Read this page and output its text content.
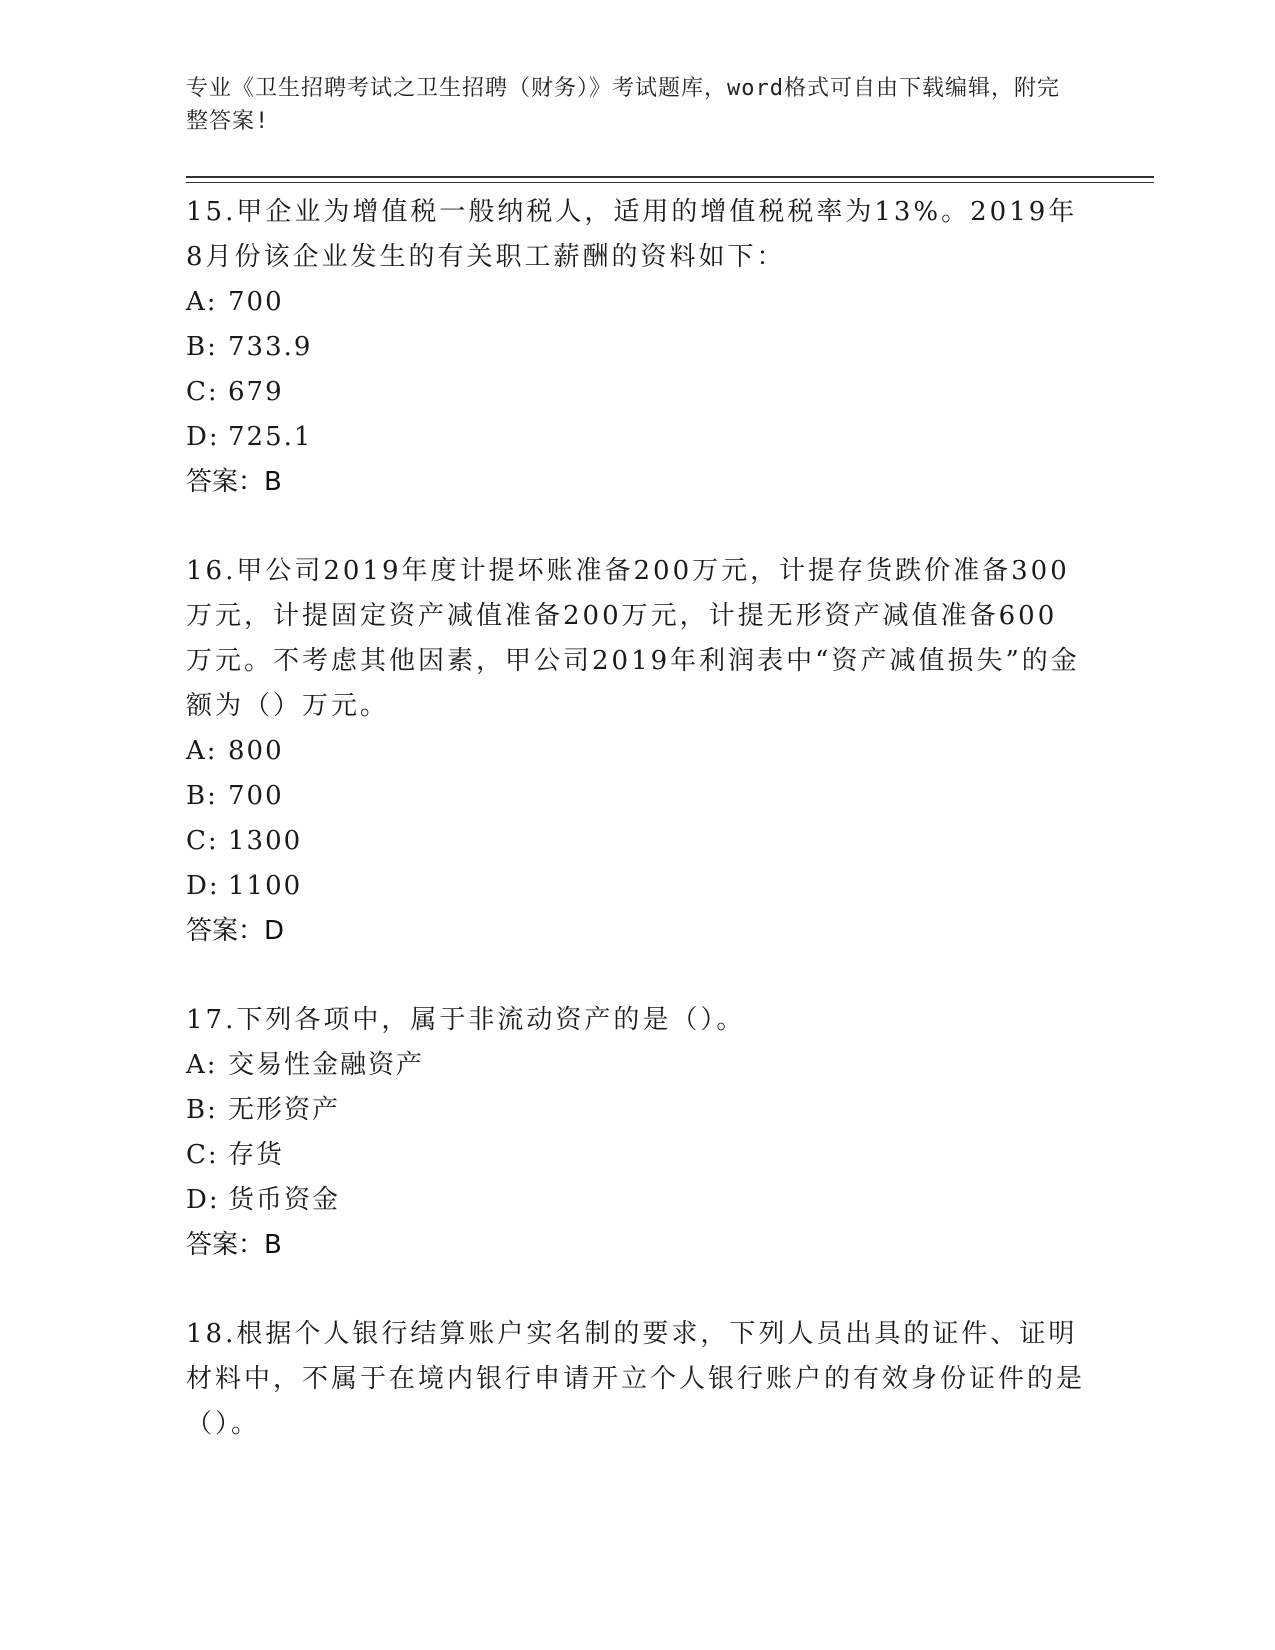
专业《卫生招聘考试之卫生招聘（财务）》考试题库，word格式可自由下载编辑，附完整答案!

15.甲企业为增值税一般纳税人，适用的增值税税率为13%。2019年8月份该企业发生的有关职工薪酬的资料如下：

A: 700
B: 733.9
C: 679
D: 725.1
答案：B

16.甲公司2019年度计提坏账准备200万元，计提存货跌价准备300万元，计提固定资产减值准备200万元，计提无形资产减值准备600万元。不考虑其他因素，甲公司2019年利润表中“资产减值损失”的金额为（）万元。

A: 800
B: 700
C: 1300
D: 1100
答案：D

17.下列各项中，属于非流动资产的是（）。

A: 交易性金融资产
B: 无形资产
C: 存货
D: 货币资金
答案：B

18.根据个人银行结算账户实名制的要求，下列人员出具的证件、证明材料中，不属于在境内银行申请开立个人银行账户的有效身份证件的是（）。
